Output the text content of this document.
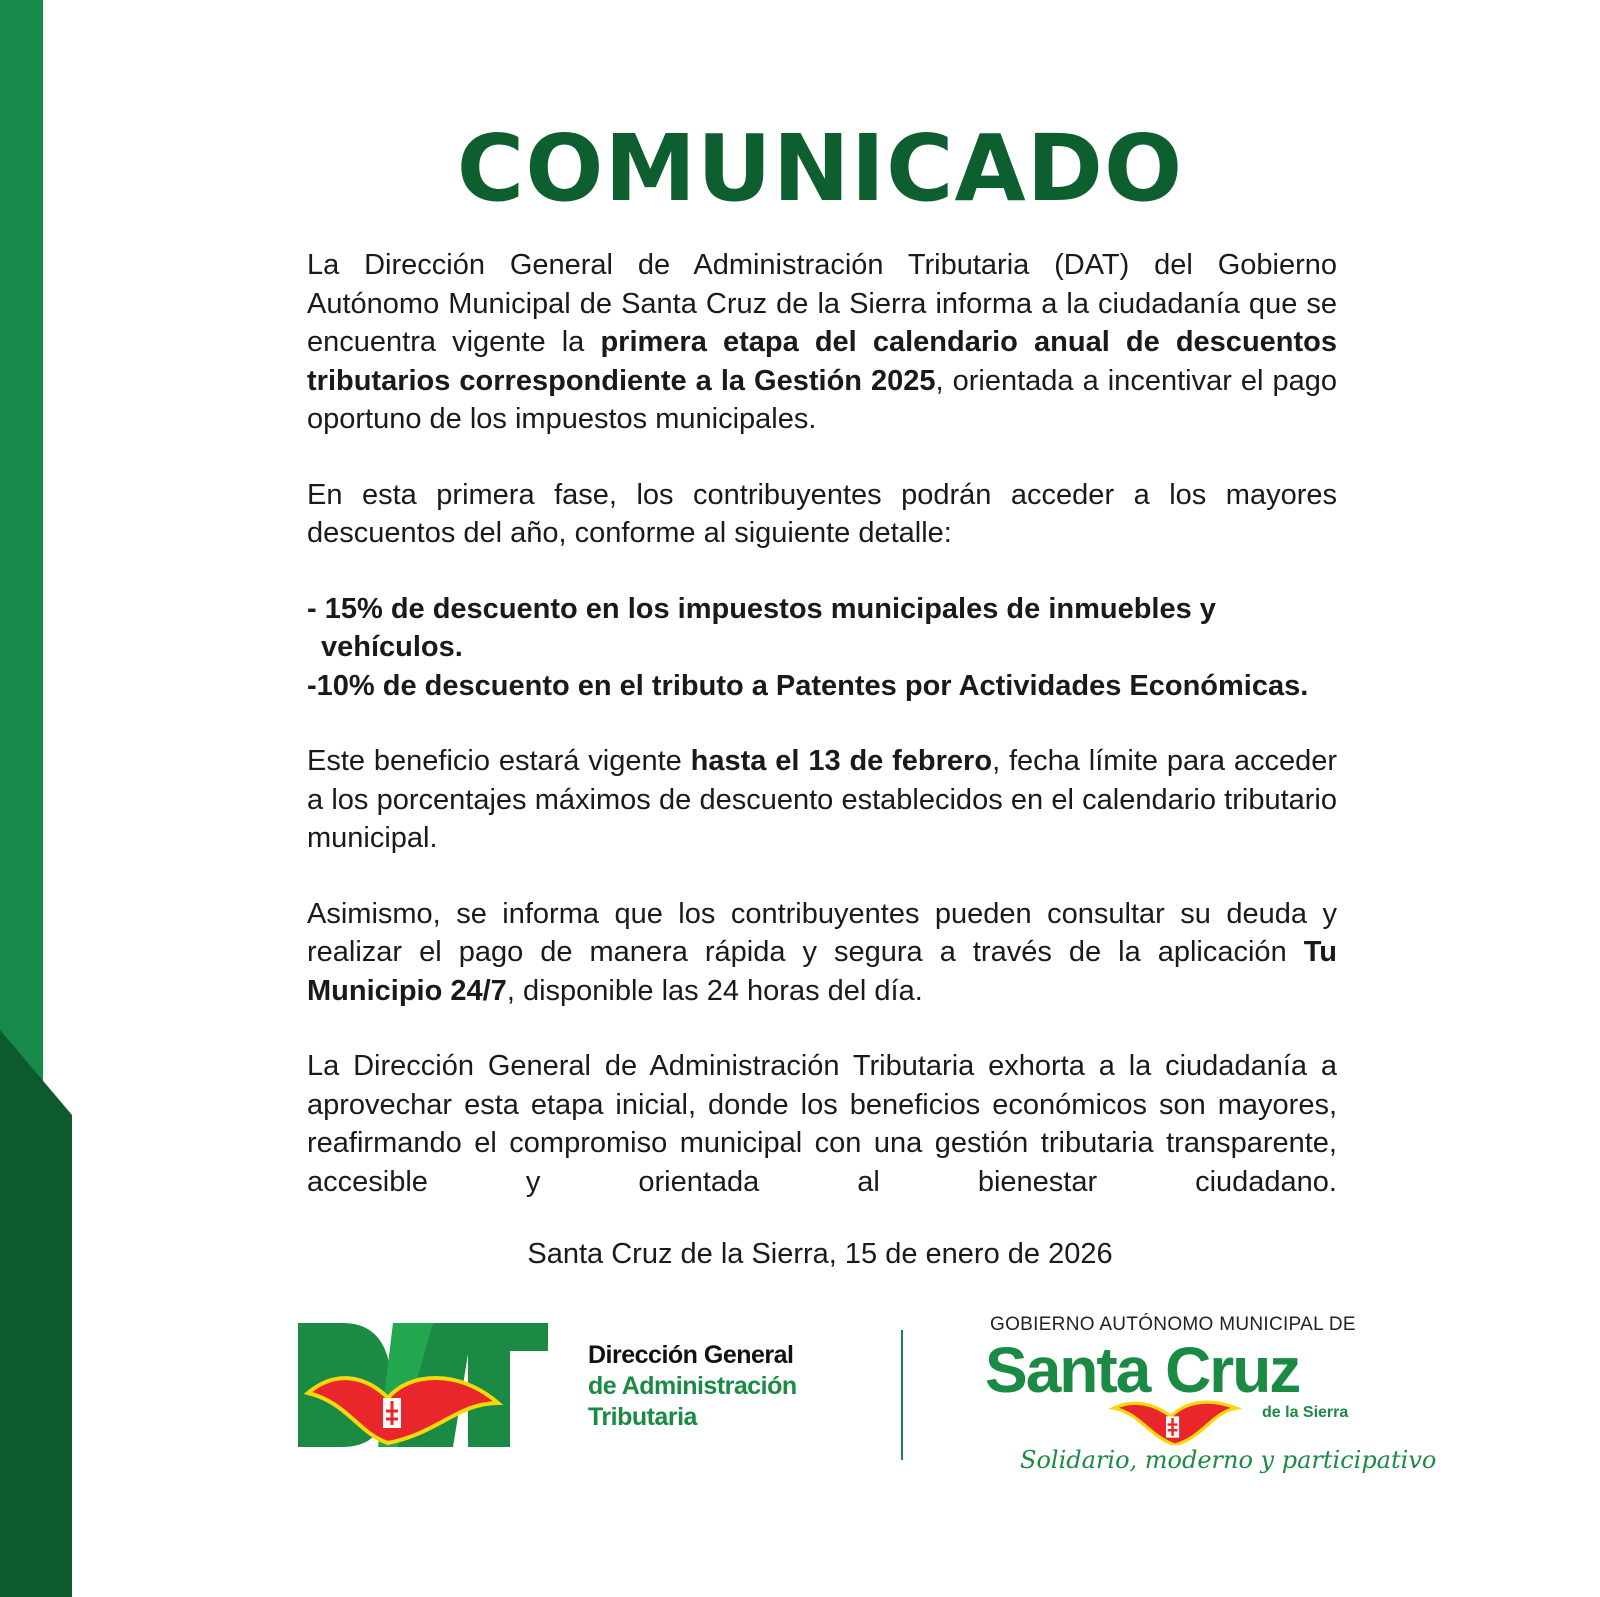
COMUNICADO

La Dirección General de Administración Tributaria (DAT) del Gobierno Autónomo Municipal de Santa Cruz de la Sierra informa a la ciudadanía que se encuentra vigente la primera etapa del calendario anual de descuentos tributarios correspondiente a la Gestión 2025, orientada a incentivar el pago oportuno de los impuestos municipales.

En esta primera fase, los contribuyentes podrán acceder a los mayores descuentos del año, conforme al siguiente detalle:

- 15% de descuento en los impuestos municipales de inmuebles y vehículos.
-10% de descuento en el tributo a Patentes por Actividades Económicas.

Este beneficio estará vigente hasta el 13 de febrero, fecha límite para acceder a los porcentajes máximos de descuento establecidos en el calendario tributario municipal.

Asimismo, se informa que los contribuyentes pueden consultar su deuda y realizar el pago de manera rápida y segura a través de la aplicación Tu Municipio 24/7, disponible las 24 horas del día.

La Dirección General de Administración Tributaria exhorta a la ciudadanía a aprovechar esta etapa inicial, donde los beneficios económicos son mayores, reafirmando el compromiso municipal con una gestión tributaria transparente, accesible y orientada al bienestar ciudadano.

Santa Cruz de la Sierra, 15 de enero de 2026
Dirección General
de Administración
Tributaria
GOBIERNO AUTÓNOMO MUNICIPAL DE
Santa Cruz
de la Sierra
Solidario, moderno y participativo
